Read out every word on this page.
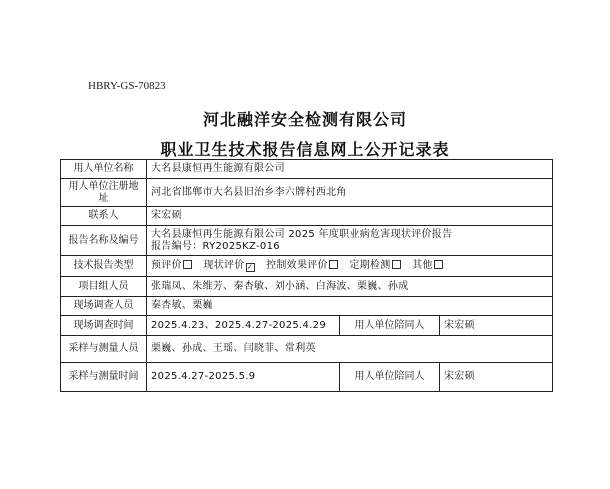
HBRY-GS-70823
河北融洋安全检测有限公司
职业卫生技术报告信息网上公开记录表
用人单位名称	大名县康恒再生能源有限公司		
用人单位注册地址	河北省邯郸市大名县旧治乡李六牌村西北角		
联系人	宋宏硕		
报告名称及编号	大名县康恒再生能源有限公司 2025 年度职业病危害现状评价报告
报告编号：RY2025KZ-016		

技术报告类型	预评价 现状评价 ✓ 控制效果评价 定期检测 其他		
项目组人员	张瑞凤、朱维芳、秦杏敏、刘小涵、白海波、栗巍、孙成		
现场调查人员	秦杏敏、栗巍		
现场调查时间	2025.4.23、2025.4.27-2025.4.29	用人单位陪同人	宋宏硕
采样与测量人员	栗巍、孙成、王瑶、闫晓菲、常利英		
采样与测量时间	2025.4.27-2025.5.9	用人单位陪同人	宋宏硕
